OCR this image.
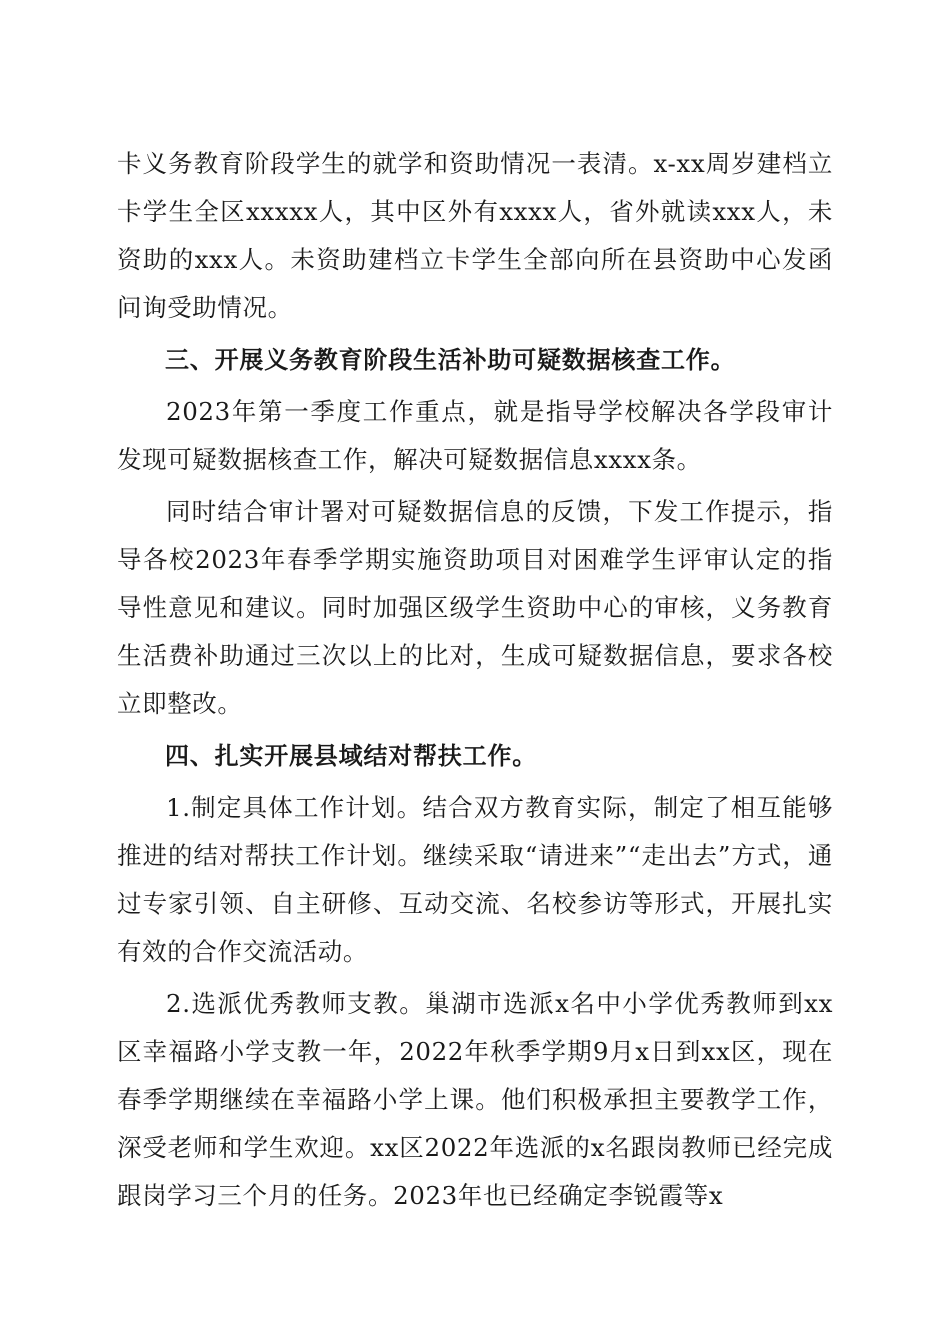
卡义务教育阶段学生的就学和资助情况一表清。x-xx周岁建档立卡学生全区xxxxx人，其中区外有xxxx人，省外就读xxx人，未资助的xxx人。未资助建档立卡学生全部向所在县资助中心发函问询受助情况。

三、开展义务教育阶段生活补助可疑数据核查工作。

2023年第一季度工作重点，就是指导学校解决各学段审计发现可疑数据核查工作，解决可疑数据信息xxxx条。

同时结合审计署对可疑数据信息的反馈，下发工作提示，指导各校2023年春季学期实施资助项目对困难学生评审认定的指导性意见和建议。同时加强区级学生资助中心的审核，义务教育生活费补助通过三次以上的比对，生成可疑数据信息，要求各校立即整改。

四、扎实开展县域结对帮扶工作。

1.制定具体工作计划。结合双方教育实际，制定了相互能够推进的结对帮扶工作计划。继续采取“请进来”“走出去”方式，通过专家引领、自主研修、互动交流、名校参访等形式，开展扎实有效的合作交流活动。

2.选派优秀教师支教。巢湖市选派x名中小学优秀教师到xx区幸福路小学支教一年，2022年秋季学期9月x日到xx区，现在春季学期继续在幸福路小学上课。他们积极承担主要教学工作，深受老师和学生欢迎。xx区2022年选派的x名跟岗教师已经完成跟岗学习三个月的任务。2023年也已经确定李锐霞等x
